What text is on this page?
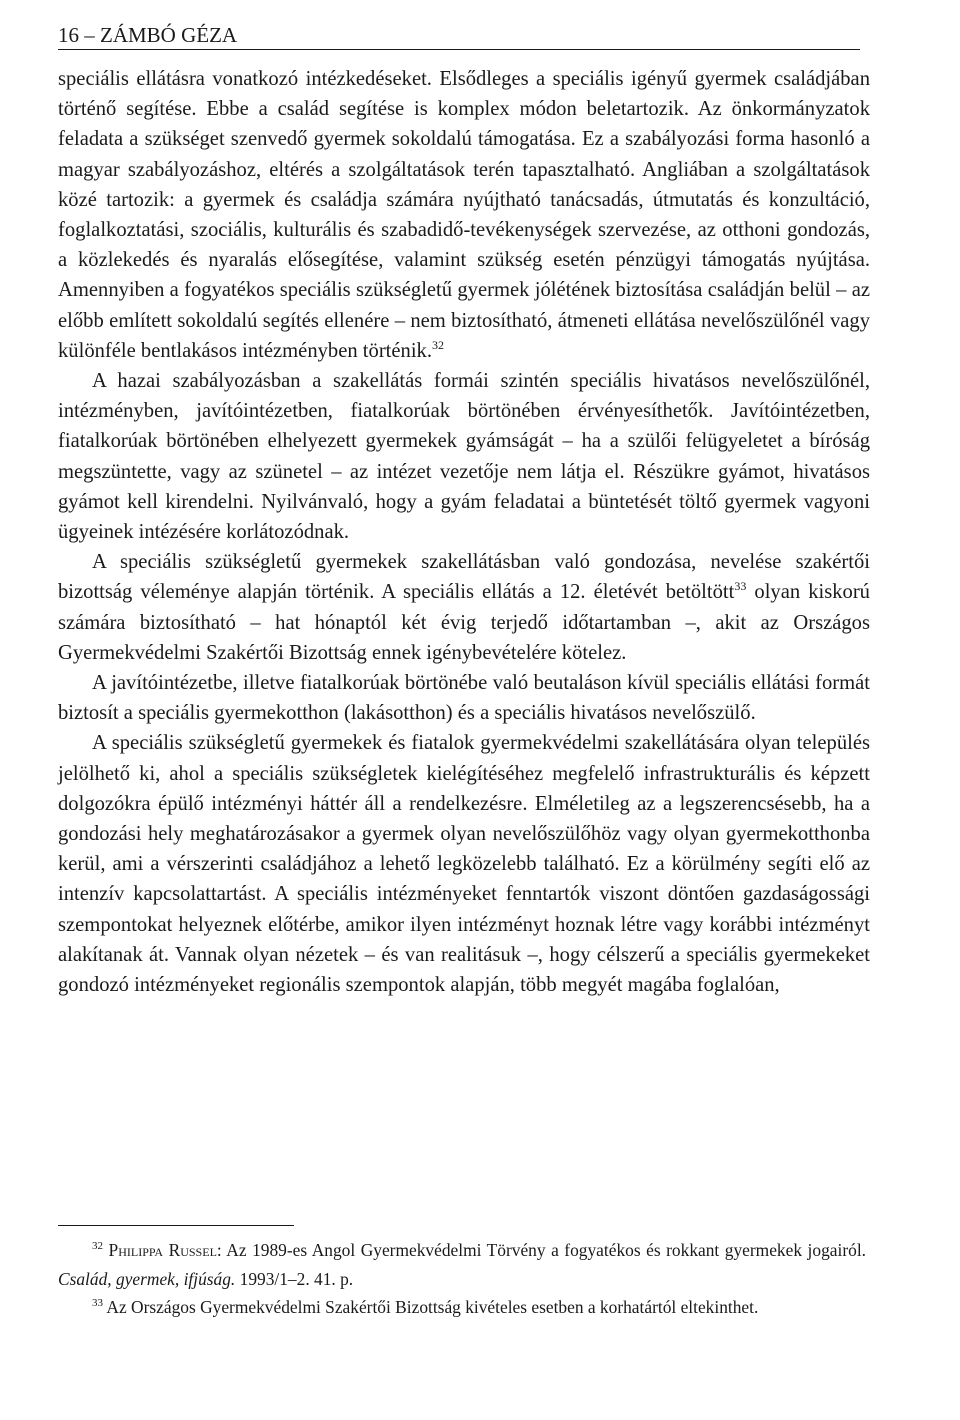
16 – ZÁMBÓ GÉZA

speciális ellátásra vonatkozó intézkedéseket. Elsődleges a speciális igényű gyermek családjában történő segítése. Ebbe a család segítése is komplex módon beletartozik. Az önkormányzatok feladata a szükséget szenvedő gyermek sokoldalú támogatása. Ez a szabályozási forma hasonló a magyar szabályozáshoz, eltérés a szolgáltatások terén tapasztalható. Angliában a szolgáltatások közé tartozik: a gyermek és családja számára nyújtható tanácsadás, útmutatás és konzultáció, foglalkoztatási, szociális, kulturális és szabadidő-tevékenységek szervezése, az otthoni gondozás, a közlekedés és nyaralás elősegítése, valamint szükség esetén pénzügyi támogatás nyújtása. Amennyiben a fogyatékos speciális szükségletű gyermek jólétének biztosítása családján belül – az előbb említett sokoldalú segítés ellenére – nem biztosítható, átmeneti ellátása nevelőszülőnél vagy különféle bentlakásos intézményben történik.$^{32}$

A hazai szabályozásban a szakellátás formái szintén speciális hivatásos nevelőszülőnél, intézményben, javítóintézetben, fiatalkorúak börtönében érvényesíthetők. Javítóintézetben, fiatalkorúak börtönében elhelyezett gyermekek gyámságát – ha a szülői felügyeletet a bíróság megszüntette, vagy az szünetel – az intézet vezetője nem látja el. Részükre gyámot, hivatásos gyámot kell kirendelni. Nyilvánvaló, hogy a gyám feladatai a büntetését töltő gyermek vagyoni ügyeinek intézésére korlátozódnak.

A speciális szükségletű gyermekek szakellátásban való gondozása, nevelése szakértői bizottság véleménye alapján történik. A speciális ellátás a 12. életévét betöltött$^{33}$ olyan kiskorú számára biztosítható – hat hónaptól két évig terjedő időtartamban –, akit az Országos Gyermekvédelmi Szakértői Bizottság ennek igénybevételére kötelez.

A javítóintézetbe, illetve fiatalkorúak börtönébe való beutaláson kívül speciális ellátási formát biztosít a speciális gyermekotthon (lakásotthon) és a speciális hivatásos nevelőszülő.

A speciális szükségletű gyermekek és fiatalok gyermekvédelmi szakellátására olyan település jelölhető ki, ahol a speciális szükségletek kielégítéséhez megfelelő infrastrukturális és képzett dolgozókra épülő intézményi háttér áll a rendelkezésre. Elméletileg az a legszerencsésebb, ha a gondozási hely meghatározásakor a gyermek olyan nevelőszülőhöz vagy olyan gyermekotthonba kerül, ami a vérszerinti családjához a lehető legközelebb található. Ez a körülmény segíti elő az intenzív kapcsolattartást. A speciális intézményeket fenntartók viszont döntően gazdaságossági szempontokat helyeznek előtérbe, amikor ilyen intézményt hoznak létre vagy korábbi intézményt alakítanak át. Vannak olyan nézetek – és van realitásuk –, hogy célszerű a speciális gyermekeket gondozó intézményeket regionális szempontok alapján, több megyét magába foglalóan,

$^{32}$ Philippa Russel: Az 1989-es Angol Gyermekvédelmi Törvény a fogyatékos és rokkant gyermekek jogairól. Család, gyermek, ifjúság. 1993/1–2. 41. p.

$^{33}$ Az Országos Gyermekvédelmi Szakértői Bizottság kivételes esetben a korhatártól eltekinthet.
